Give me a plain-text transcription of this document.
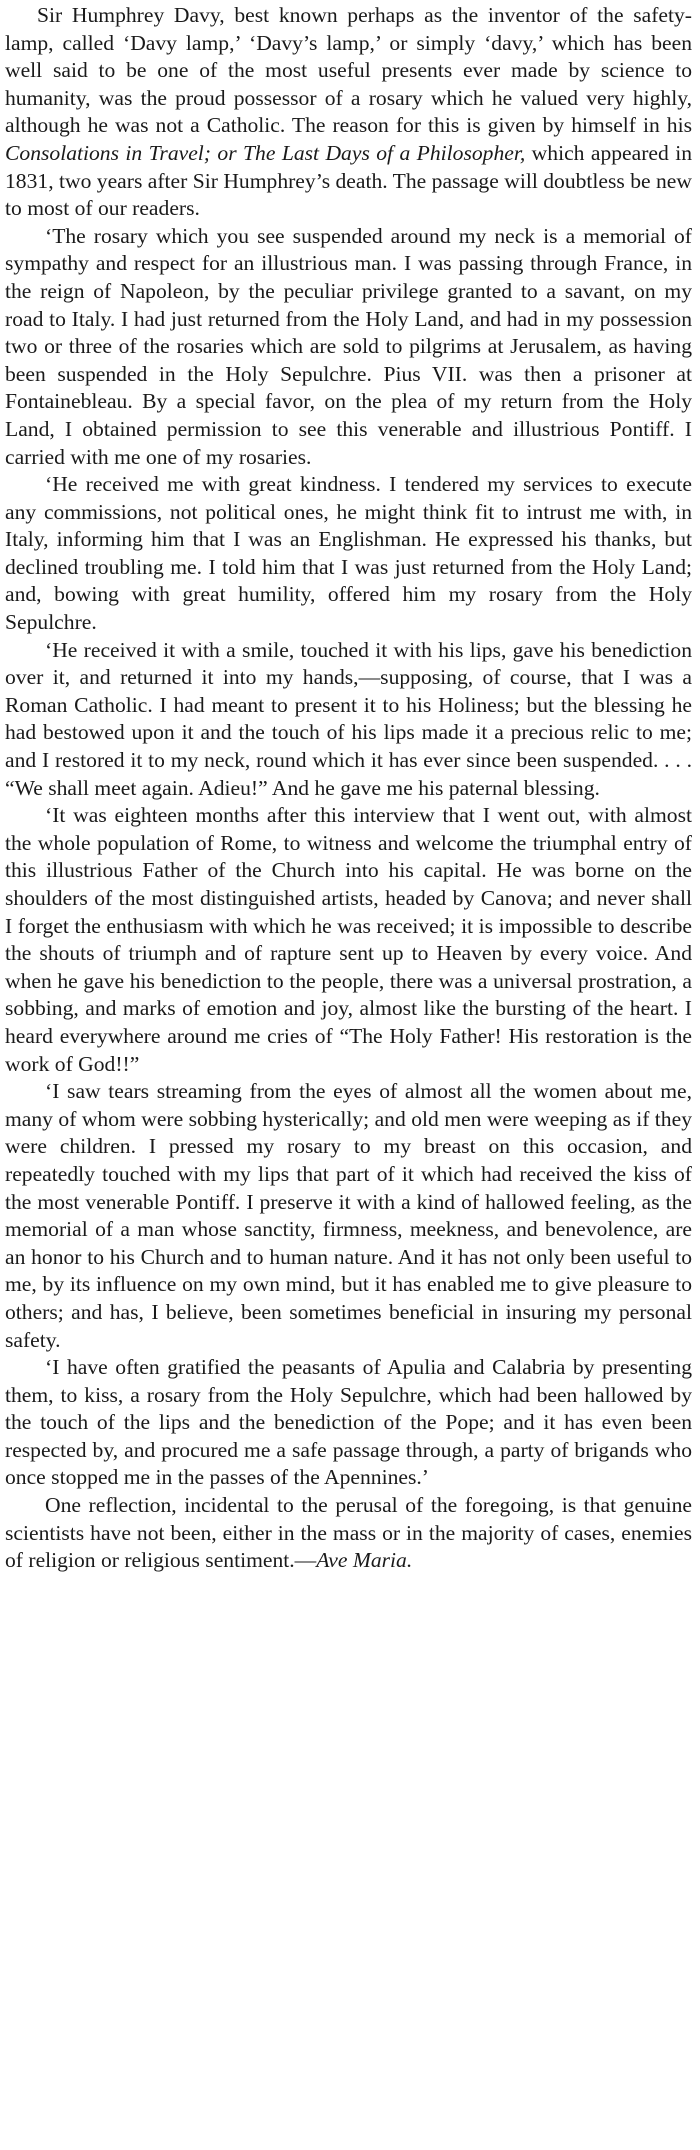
Sir Humphrey Davy, best known perhaps as the inventor of the safety-lamp, called ‘Davy lamp,’ ‘Davy’s lamp,’ or simply ‘davy,’ which has been well said to be one of the most useful presents ever made by science to humanity, was the proud possessor of a rosary which he valued very highly, although he was not a Catholic. The reason for this is given by himself in his Consolations in Travel; or The Last Days of a Philosopher, which appeared in 1831, two years after Sir Humphrey’s death. The passage will doubtless be new to most of our readers.

‘The rosary which you see suspended around my neck is a memorial of sympathy and respect for an illustrious man. I was passing through France, in the reign of Napoleon, by the peculiar privilege granted to a savant, on my road to Italy. I had just returned from the Holy Land, and had in my possession two or three of the rosaries which are sold to pilgrims at Jerusalem, as having been suspended in the Holy Sepulchre. Pius VII. was then a prisoner at Fontainebleau. By a special favor, on the plea of my return from the Holy Land, I obtained permission to see this venerable and illustrious Pontiff. I carried with me one of my rosaries.

‘He received me with great kindness. I tendered my services to execute any commissions, not political ones, he might think fit to intrust me with, in Italy, informing him that I was an Englishman. He expressed his thanks, but declined troubling me. I told him that I was just returned from the Holy Land; and, bowing with great humility, offered him my rosary from the Holy Sepulchre.

‘He received it with a smile, touched it with his lips, gave his benediction over it, and returned it into my hands,—supposing, of course, that I was a Roman Catholic. I had meant to present it to his Holiness; but the blessing he had bestowed upon it and the touch of his lips made it a precious relic to me; and I restored it to my neck, round which it has ever since been suspended. . . . “We shall meet again. Adieu!” And he gave me his paternal blessing.

‘It was eighteen months after this interview that I went out, with almost the whole population of Rome, to witness and welcome the triumphal entry of this illustrious Father of the Church into his capital. He was borne on the shoulders of the most distinguished artists, headed by Canova; and never shall I forget the enthusiasm with which he was received; it is impossible to describe the shouts of triumph and of rapture sent up to Heaven by every voice. And when he gave his benediction to the people, there was a universal prostration, a sobbing, and marks of emotion and joy, almost like the bursting of the heart. I heard everywhere around me cries of “The Holy Father! His restoration is the work of God!!”

‘I saw tears streaming from the eyes of almost all the women about me, many of whom were sobbing hysterically; and old men were weeping as if they were children. I pressed my rosary to my breast on this occasion, and repeatedly touched with my lips that part of it which had received the kiss of the most venerable Pontiff. I preserve it with a kind of hallowed feeling, as the memorial of a man whose sanctity, firmness, meekness, and benevolence, are an honor to his Church and to human nature. And it has not only been useful to me, by its influence on my own mind, but it has enabled me to give pleasure to others; and has, I believe, been sometimes beneficial in insuring my personal safety.

‘I have often gratified the peasants of Apulia and Calabria by presenting them, to kiss, a rosary from the Holy Sepulchre, which had been hallowed by the touch of the lips and the benediction of the Pope; and it has even been respected by, and procured me a safe passage through, a party of brigands who once stopped me in the passes of the Apennines.’

One reflection, incidental to the perusal of the foregoing, is that genuine scientists have not been, either in the mass or in the majority of cases, enemies of religion or religious sentiment.—Ave Maria.
